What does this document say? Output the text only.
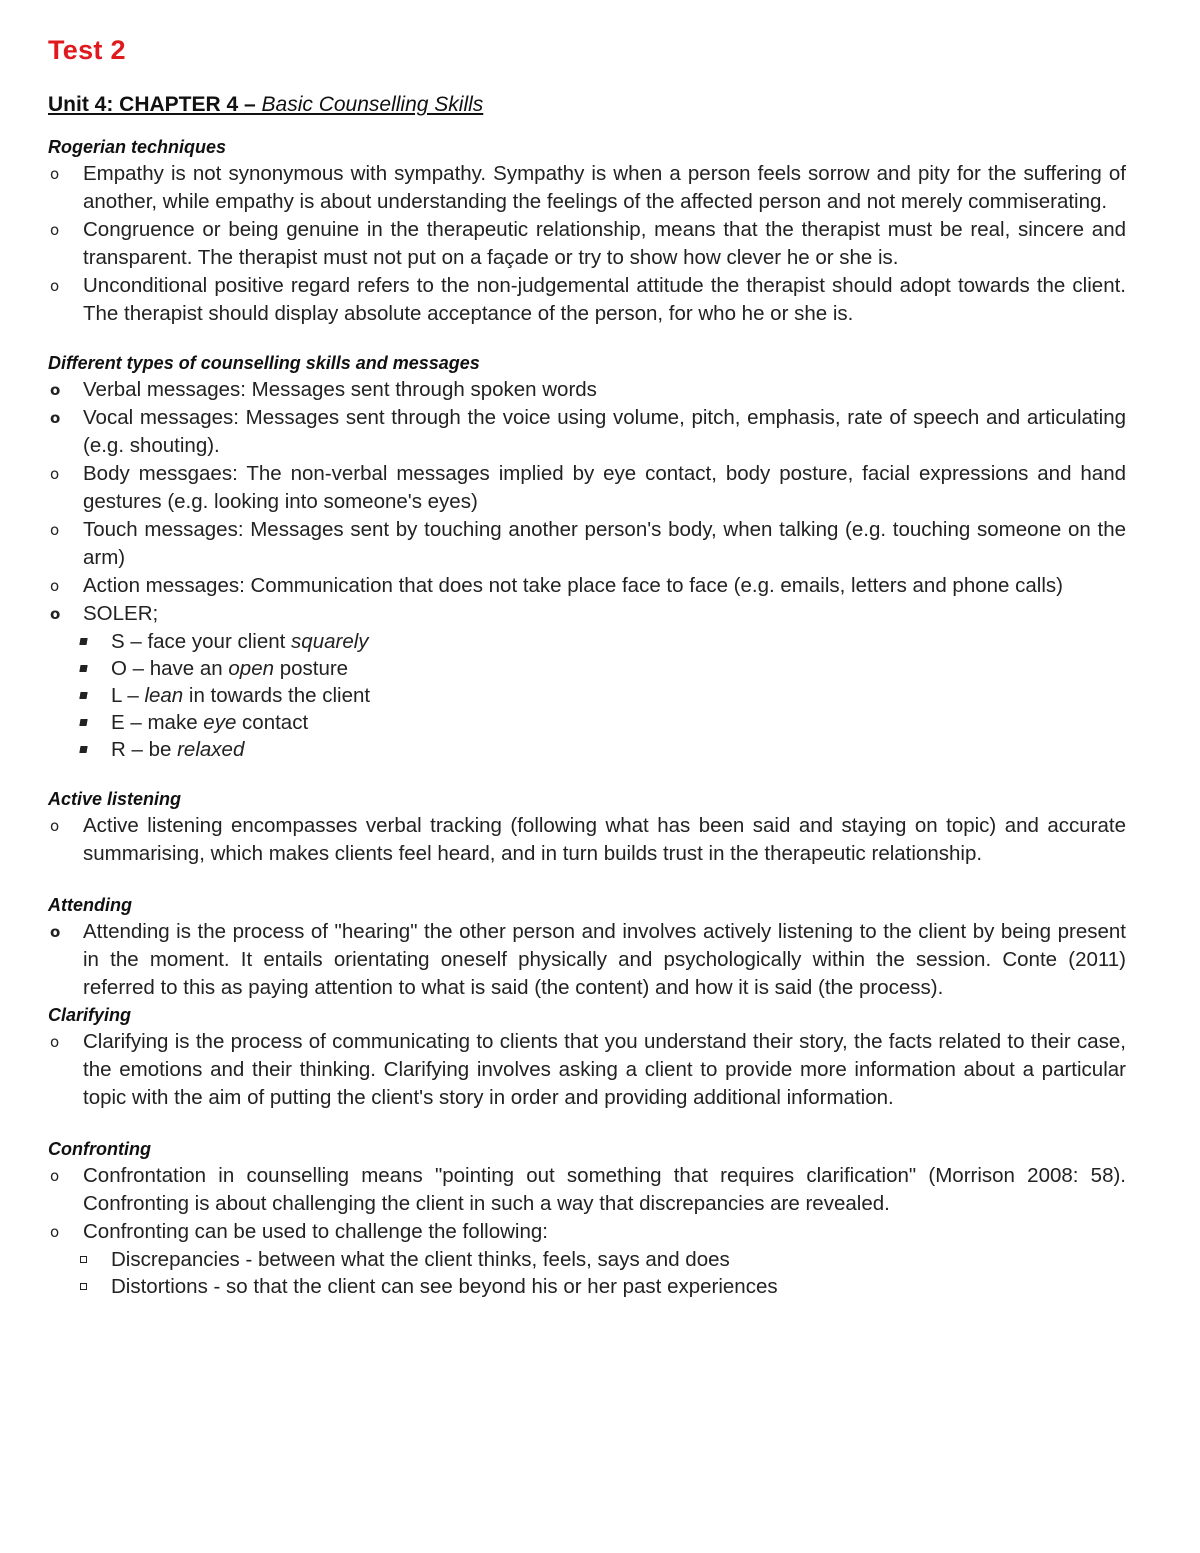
Test 2
Unit 4: CHAPTER 4 – Basic Counselling Skills
Rogerian techniques
o	Empathy is not synonymous with sympathy. Sympathy is when a person feels sorrow and pity for the suffering of another, while empathy is about understanding the feelings of the affected person and not merely commiserating.
o	Congruence or being genuine in the therapeutic relationship, means that the therapist must be real, sincere and transparent. The therapist must not put on a façade or try to show how clever he or she is.
o	Unconditional positive regard refers to the non-judgemental attitude the therapist should adopt towards the client. The therapist should display absolute acceptance of the person, for who he or she is.
Different types of counselling skills and messages
o	Verbal messages: Messages sent through spoken words
o	Vocal messages: Messages sent through the voice using volume, pitch, emphasis, rate of speech and articulating (e.g. shouting).
o	Body messgaes: The non-verbal messages implied by eye contact, body posture, facial expressions and hand gestures (e.g. looking into someone's eyes)
o	Touch messages: Messages sent by touching another person's body, when talking (e.g. touching someone on the arm)
o	Action messages: Communication that does not take place face to face (e.g. emails, letters and phone calls)
o	SOLER;
S – face your client squarely
O – have an open posture
L – lean in towards the client
E – make eye contact
R – be relaxed
Active listening
o	Active listening encompasses verbal tracking (following what has been said and staying on topic) and accurate summarising, which makes clients feel heard, and in turn builds trust in the therapeutic relationship.
Attending
o	Attending is the process of "hearing" the other person and involves actively listening to the client by being present in the moment. It entails orientating oneself physically and psychologically within the session. Conte (2011) referred to this as paying attention to what is said (the content) and how it is said (the process).
Clarifying
o	Clarifying is the process of communicating to clients that you understand their story, the facts related to their case, the emotions and their thinking. Clarifying involves asking a client to provide more information about a particular topic with the aim of putting the client's story in order and providing additional information.
Confronting
o	Confrontation in counselling means "pointing out something that requires clarification" (Morrison 2008: 58). Confronting is about challenging the client in such a way that discrepancies are revealed.
o	Confronting can be used to challenge the following:
Discrepancies - between what the client thinks, feels, says and does
Distortions - so that the client can see beyond his or her past experiences
